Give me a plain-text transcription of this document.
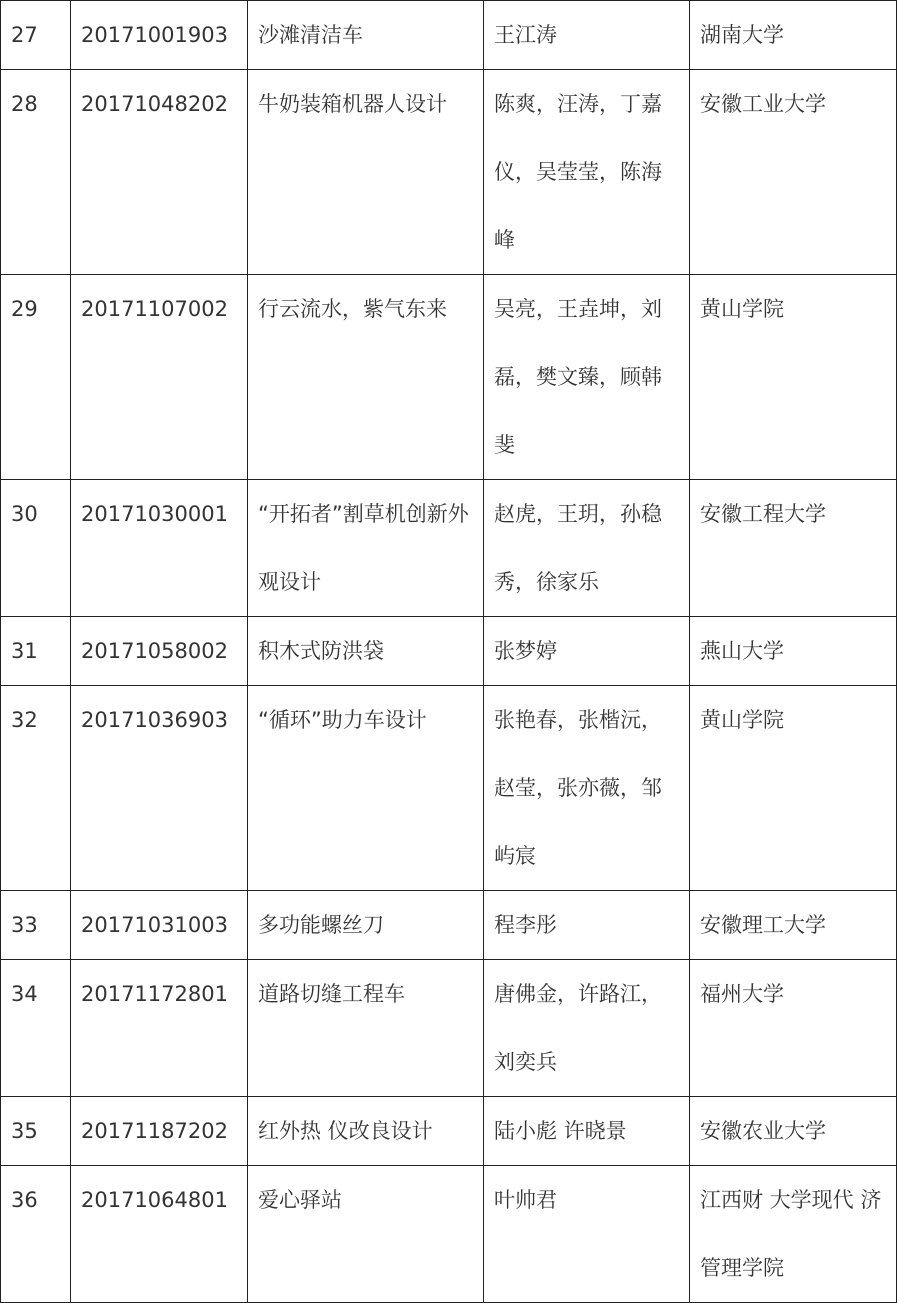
27	20171001903	沙滩清洁车	王江涛	湖南大学

28	20171048202	牛奶装箱机器人设计	陈爽，汪涛，丁嘉仪，吴莹莹，陈海峰	安徽工业大学

29	20171107002	行云流水，紫气东来	吴亮，王垚坤，刘磊，樊文臻，顾韩斐	黄山学院

30	20171030001	“开拓者”割草机创新外观设计	赵虎，王玥，孙稳秀，徐家乐	安徽工程大学

31	20171058002	积木式防洪袋	张梦婷	燕山大学

32	20171036903	“循环”助力车设计	张艳春，张楷沅，赵莹，张亦薇，邹屿宸	黄山学院

33	20171031003	多功能螺丝刀	程李彤	安徽理工大学

34	20171172801	道路切缝工程车	唐佛金，许路江，刘奕兵	福州大学

35	20171187202	红外热 仪改良设计	陆小彪 许晓景	安徽农业大学

36	20171064801	爱心驿站	叶帅君	江西财 大学现代 济管理学院
